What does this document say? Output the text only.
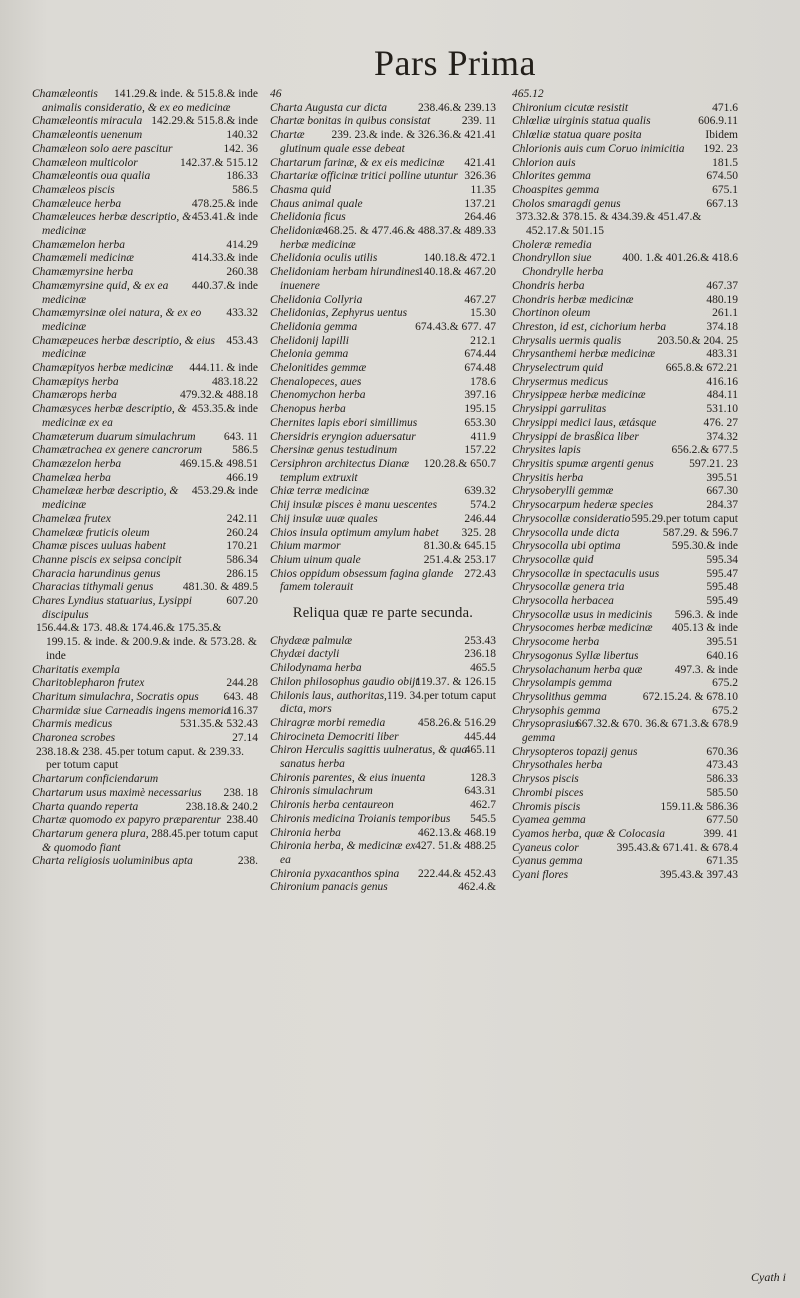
Pars Prima

141.29.& inde. & 515.8.& inde
Chamæleontis animalis consideratio, & ex eo medicinæ

142.29.& 515.8.& inde
Chamæleontis miracula

140.32
Chamæleontis uenenum

142. 36
Chamæleon solo aere pascitur

142.37.& 515.12
Chamæleon multicolor

186.33
Chamæleontis oua qualia

586.5
Chamæleos piscis

478.25.& inde
Chamæleuce herba

453.41.& inde
Chamæleuces herbæ descriptio, & medicinæ

414.29
Chamæmelon herba

414.33.& inde
Chamæmeli medicinæ

260.38
Chamæmyrsine herba

440.37.& inde
Chamæmyrsine quid, & ex ea medicinæ

433.32
Chamæmyrsinæ olei natura, & ex eo medicinæ

453.43
Chamæpeuces herbæ descriptio, & eius medicinæ

444.11. & inde
Chamæpityos herbæ medicinæ

483.18.22
Chamæpitys herba

479.32.& 488.18
Chamærops herba

453.35.& inde
Chamæsyces herbæ descriptio, & medicinæ ex ea

643. 11
Chamæterum duarum simulachrum

586.5
Chamætrachea ex genere cancrorum

469.15.& 498.51
Chamæzelon herba

466.19
Chamelæa herba

453.29.& inde
Chamelææ herbæ descriptio, & medicinæ

242.11
Chamelæa frutex

260.24
Chamelææ fruticis oleum

170.21
Chamæ pisces uuluas habent

586.34
Channe piscis ex seipsa concipit

286.15
Characia harundinus genus

481.30. & 489.5
Characias tithymali genus

607.20
Chares Lyndius statuarius, Lysippi discipulus

156.44.& 173. 48.& 174.46.& 175.35.& 199.15. & inde. & 200.9.& inde. & 573.28. & inde
Charitatis exempla

244.28
Charitoblepharon frutex

643. 48
Charitum simulachra, Socratis opus

116.37
Charmidæ siue Carneadis ingens memoria

531.35.& 532.43
Charmis medicus

27.14
Charonea scrobes

238.18.& 238. 45.per totum caput. & 239.33. per totum caput
Chartarum conficiendarum

238. 18
Chartarum usus maximè necessarius

238.18.& 240.2
Charta quando reperta

238.40
Chartæ quomodo ex papyro præparentur

288.45.per totum caput
Chartarum genera plura, & quomodo fiant

238.
Charta religiosis uoluminibus apta

46

238.46.& 239.13
Charta Augusta cur dicta

239. 11
Chartæ bonitas in quibus consistat

239. 23.& inde. & 326.36.& 421.41
Chartæ glutinum quale esse debeat

421.41
Chartarum farinæ, & ex eis medicinæ

326.36
Chartariæ officinæ tritici polline utuntur

11.35
Chasma quid

137.21
Chaus animal quale

264.46
Chelidonia ficus

468.25. & 477.46.& 488.37.& 489.33
Chelidoniæ herbæ medicinæ

140.18.& 472.1
Chelidonia oculis utilis

140.18.& 467.20
Chelidoniam herbam hirundines inuenere

467.27
Chelidonia Collyria

15.30
Chelidonias, Zephyrus uentus

674.43.& 677. 47
Chelidonia gemma

212.1
Chelidonij lapilli

674.44
Chelonia gemma

674.48
Chelonitides gemmæ

178.6
Chenalopeces, aues

397.16
Chenomychon herba

195.15
Chenopus herba

653.30
Chernites lapis ebori simillimus

411.9
Chersidris eryngion aduersatur

157.22
Chersinæ genus testudinum

120.28.& 650.7
Cersiphron architectus Dianæ templum extruxit

639.32
Chiæ terræ medicinæ

574.2
Chij insulæ pisces è manu uescentes

246.44
Chij insulæ uuæ quales

325. 28
Chios insula optimum amylum habet

81.30.& 645.15
Chium marmor

251.4.& 253.17
Chium uinum quale

272.43
Chios oppidum obsessum fagina glande famem tolerauit

Reliqua quæ re parte secunda.

253.43
Chydææ palmulæ

236.18
Chydæi dactyli

465.5
Chilodynama herba

119.37. & 126.15
Chilon philosophus gaudio obijt

119. 34.per totum caput
Chilonis laus, authoritas, dicta, mors

458.26.& 516.29
Chiragræ morbi remedia

445.44
Chirocineta Democriti liber

465.11
Chiron Herculis sagittis uulneratus, & qua sanatus herba

128.3
Chironis parentes, & eius inuenta

643.31
Chironis simulachrum

462.7
Chironis herba centaureon

545.5
Chironis medicina Troianis temporibus

462.13.& 468.19
Chironia herba

427. 51.& 488.25
Chironia herba, & medicinæ ex ea

222.44.& 452.43
Chironia pyxacanthos spina

462.4.&
Chironium panacis genus

465.12

471.6
Chironium cicutæ resistit

606.9.11
Chlœliæ uirginis statua qualis

Ibidem
Chlœliæ statua quare posita

192. 23
Chlorionis auis cum Coruo inimicitia

181.5
Chlorion auis

674.50
Chlorites gemma

675.1
Choaspites gemma

667.13
Cholos smaragdi genus

373.32.& 378.15. & 434.39.& 451.47.& 452.17.& 501.15
Choleræ remedia

400. 1.& 401.26.& 418.6
Chondryllon siue Chondrylle herba

467.37
Chondris herba

480.19
Chondris herbæ medicinæ

261.1
Chortinon oleum

374.18
Chreston, id est, cichorium herba

203.50.& 204. 25
Chrysalis uermis qualis

483.31
Chrysanthemi herbæ medicinæ

665.8.& 672.21
Chryselectrum quid

416.16
Chrysermus medicus

484.11
Chrysippeæ herbæ medicinæ

531.10
Chrysippi garrulitas

476. 27
Chrysippi medici laus, ætásque

374.32
Chrysippi de brasßica liber

656.2.& 677.5
Chrysites lapis

597.21. 23
Chrysitis spumæ argenti genus

395.51
Chrysitis herba

667.30
Chrysoberylli gemmæ

284.37
Chrysocarpum hederæ species

595.29.per totum caput
Chrysocollæ consideratio

587.29. & 596.7
Chrysocolla unde dicta

595.30.& inde
Chrysocolla ubi optima

595.34
Chrysocollæ quid

595.47
Chrysocollæ in spectaculis usus

595.48
Chrysocollæ genera tria

595.49
Chrysocolla herbacea

596.3. & inde
Chrysocollæ usus in medicinis

405.13 & inde
Chrysocomes herbæ medicinæ

395.51
Chrysocome herba

640.16
Chrysogonus Syllæ libertus

497.3. & inde
Chrysolachanum herba quæ

675.2
Chrysolampis gemma

672.15.24. & 678.10
Chrysolithus gemma

675.2
Chrysophis gemma

667.32.& 670. 36.& 671.3.& 678.9
Chrysoprasius gemma

670.36
Chrysopteros topazij genus

473.43
Chrysothales herba

586.33
Chrysos piscis

585.50
Chrombi pisces

159.11.& 586.36
Chromis piscis

677.50
Cyamea gemma

399. 41
Cyamos herba, quæ & Colocasia

395.43.& 671.41. & 678.4
Cyaneus color

671.35
Cyanus gemma

395.43.& 397.43
Cyani flores

Cyath i
